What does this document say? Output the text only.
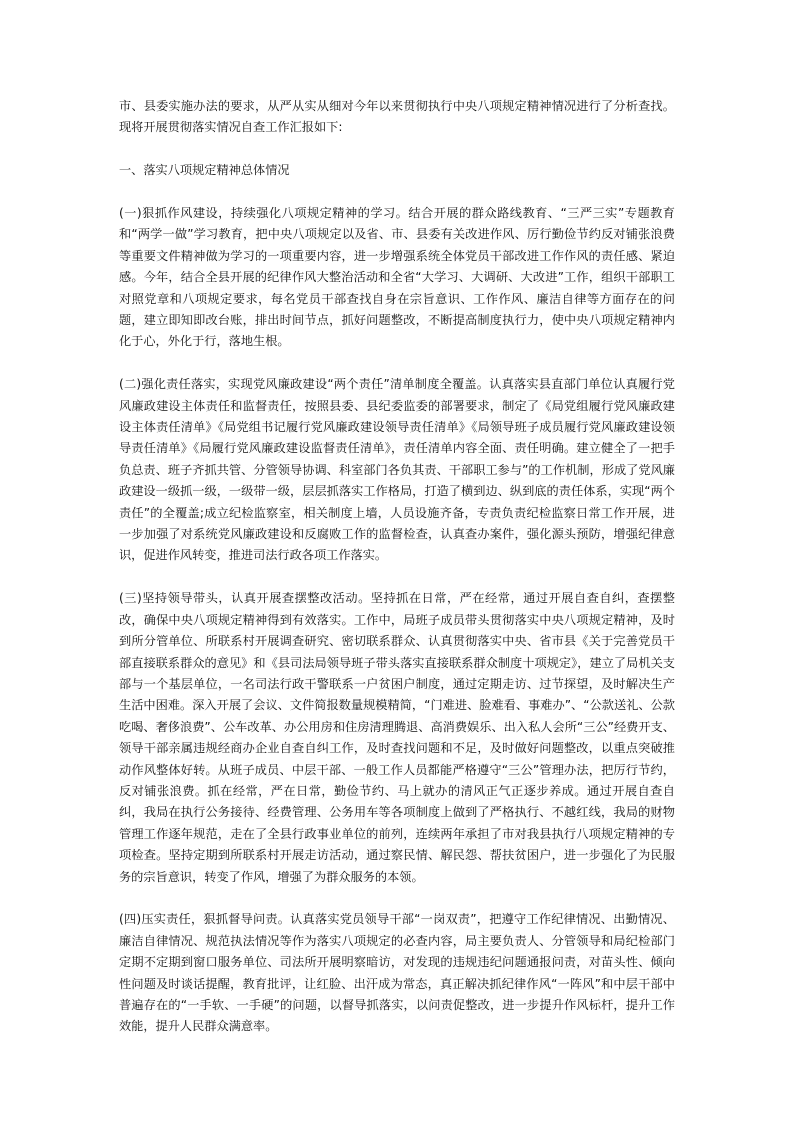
市、县委实施办法的要求，从严从实从细对今年以来贯彻执行中央八项规定精神情况进行了分析查找。现将开展贯彻落实情况自查工作汇报如下:

一、落实八项规定精神总体情况

(一)狠抓作风建设，持续强化八项规定精神的学习。结合开展的群众路线教育、“三严三实”专题教育和“两学一做”学习教育，把中央八项规定以及省、市、县委有关改进作风、厉行勤俭节约反对铺张浪费等重要文件精神做为学习的一项重要内容，进一步增强系统全体党员干部改进工作作风的责任感、紧迫感。今年，结合全县开展的纪律作风大整治活动和全省“大学习、大调研、大改进”工作，组织干部职工对照党章和八项规定要求，每名党员干部查找自身在宗旨意识、工作作风、廉洁自律等方面存在的问题，建立即知即改台账，排出时间节点，抓好问题整改，不断提高制度执行力，使中央八项规定精神内化于心，外化于行，落地生根。

(二)强化责任落实，实现党风廉政建设“两个责任”清单制度全覆盖。认真落实县直部门单位认真履行党风廉政建设主体责任和监督责任，按照县委、县纪委监委的部署要求，制定了《局党组履行党风廉政建设主体责任清单》《局党组书记履行党风廉政建设领导责任清单》《局领导班子成员履行党风廉政建设领导责任清单》《局履行党风廉政建设监督责任清单》，责任清单内容全面、责任明确。建立健全了一把手负总责、班子齐抓共管、分管领导协调、科室部门各负其责、干部职工参与”的工作机制，形成了党风廉政建设一级抓一级，一级带一级，层层抓落实工作格局，打造了横到边、纵到底的责任体系，实现“两个责任”的全覆盖;成立纪检监察室，相关制度上墙，人员设施齐备，专责负责纪检监察日常工作开展，进一步加强了对系统党风廉政建设和反腐败工作的监督检查，认真查办案件，强化源头预防，增强纪律意识，促进作风转变，推进司法行政各项工作落实。

(三)坚持领导带头，认真开展查摆整改活动。坚持抓在日常，严在经常，通过开展自查自纠，查摆整改，确保中央八项规定精神得到有效落实。工作中，局班子成员带头贯彻落实中央八项规定精神，及时到所分管单位、所联系村开展调查研究、密切联系群众、认真贯彻落实中央、省市县《关于完善党员干部直接联系群众的意见》和《县司法局领导班子带头落实直接联系群众制度十项规定》，建立了局机关支部与一个基层单位，一名司法行政干警联系一户贫困户制度，通过定期走访、过节探望，及时解决生产生活中困难。深入开展了会议、文件简报数量规模精简，“门难进、脸难看、事难办”、“公款送礼、公款吃喝、奢侈浪费”、公车改革、办公用房和住房清理腾退、高消费娱乐、出入私人会所“三公”经费开支、领导干部亲属违规经商办企业自查自纠工作，及时查找问题和不足，及时做好问题整改，以重点突破推动作风整体好转。从班子成员、中层干部、一般工作人员都能严格遵守“三公”管理办法，把厉行节约，反对铺张浪费。抓在经常，严在日常，勤俭节约、马上就办的清风正气正逐步养成。通过开展自查自纠，我局在执行公务接待、经费管理、公务用车等各项制度上做到了严格执行、不越红线，我局的财物管理工作逐年规范，走在了全县行政事业单位的前列，连续两年承担了市对我县执行八项规定精神的专项检查。坚持定期到所联系村开展走访活动，通过察民情、解民怨、帮扶贫困户，进一步强化了为民服务的宗旨意识，转变了作风，增强了为群众服务的本领。

(四)压实责任，狠抓督导问责。认真落实党员领导干部“一岗双责”，把遵守工作纪律情况、出勤情况、廉洁自律情况、规范执法情况等作为落实八项规定的必查内容，局主要负责人、分管领导和局纪检部门定期不定期到窗口服务单位、司法所开展明察暗访，对发现的违规违纪问题通报问责，对苗头性、倾向性问题及时谈话提醒，教育批评，让红脸、出汗成为常态，真正解决抓纪律作风“一阵风”和中层干部中普遍存在的“一手软、一手硬”的问题，以督导抓落实，以问责促整改，进一步提升作风标杆，提升工作效能，提升人民群众满意率。
